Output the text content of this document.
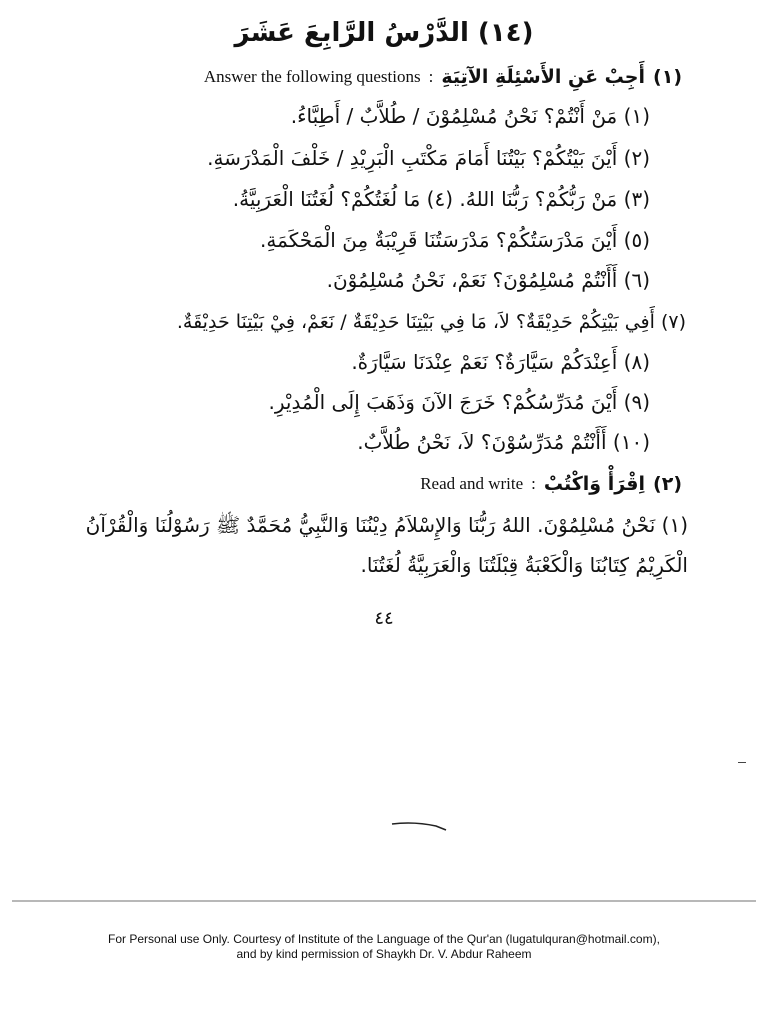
(١٤) الدَّرْسُ الرَّابِعَ عَشَرَ
Answer the following questions : أَجِبْ عَنِ الأَسْئِلَةِ الآتِيَةِ (١)
(١) مَنْ أَنْتُمْ؟ نَحْنُ مُسْلِمُوْنَ / طُلاَّبٌ / أَطِبَّاءُ.
(٢) أَيْنَ بَيْتُكُمْ؟ بَيْتُنَا أَمَامَ مَكْتَبِ الْبَرِيْدِ / خَلْفَ الْمَدْرَسَةِ.
(٣) مَنْ رَبُّكُمْ؟ رَبُّنَا اللهُ. (٤) مَا لُغَتُكُمْ؟ لُغَتُنَا الْعَرَبِيَّةُ.
(٥) أَيْنَ مَدْرَسَتُكُمْ؟ مَدْرَسَتُنَا قَرِيْبَةٌ مِنَ الْمَحْكَمَةِ.
(٦) أَأَنْتُمْ مُسْلِمُوْنَ؟ نَعَمْ، نَحْنُ مُسْلِمُوْنَ.
(٧) أَفِي بَيْتِكُمْ حَدِيْقَةٌ؟ لاَ، مَا فِي بَيْتِنَا حَدِيْقَةٌ / نَعَمْ، فِيْ بَيْتِنَا حَدِيْقَةٌ.
(٨) أَعِنْدَكُمْ سَيَّارَةٌ؟ نَعَمْ عِنْدَنَا سَيَّارَةٌ.
(٩) أَيْنَ مُدَرِّسُكُمْ؟ خَرَجَ الآنَ وَذَهَبَ إِلَى الْمُدِيْرِ.
(١٠) أَأَنْتُمْ مُدَرِّسُوْنَ؟ لاَ، نَحْنُ طُلاَّبٌ.
Read and write : اِقْرَأْ وَاكْتُبْ (٢)
(١) نَحْنُ مُسْلِمُوْنَ. اللهُ رَبُّنَا وَالإِسْلاَمُ دِيْنُنَا وَالنَّبِيُّ مُحَمَّدٌ ﷺ رَسُوْلُنَا وَالْقُرْآنُ الْكَرِيْمُ كِتَابُنَا وَالْكَعْبَةُ قِبْلَتُنَا وَالْعَرَبِيَّةُ لُغَتُنَا.
٤٤
For Personal use Only. Courtesy of Institute of the Language of the Qur'an (lugatulquran@hotmail.com),
and by kind permission of Shaykh Dr. V. Abdur Raheem
